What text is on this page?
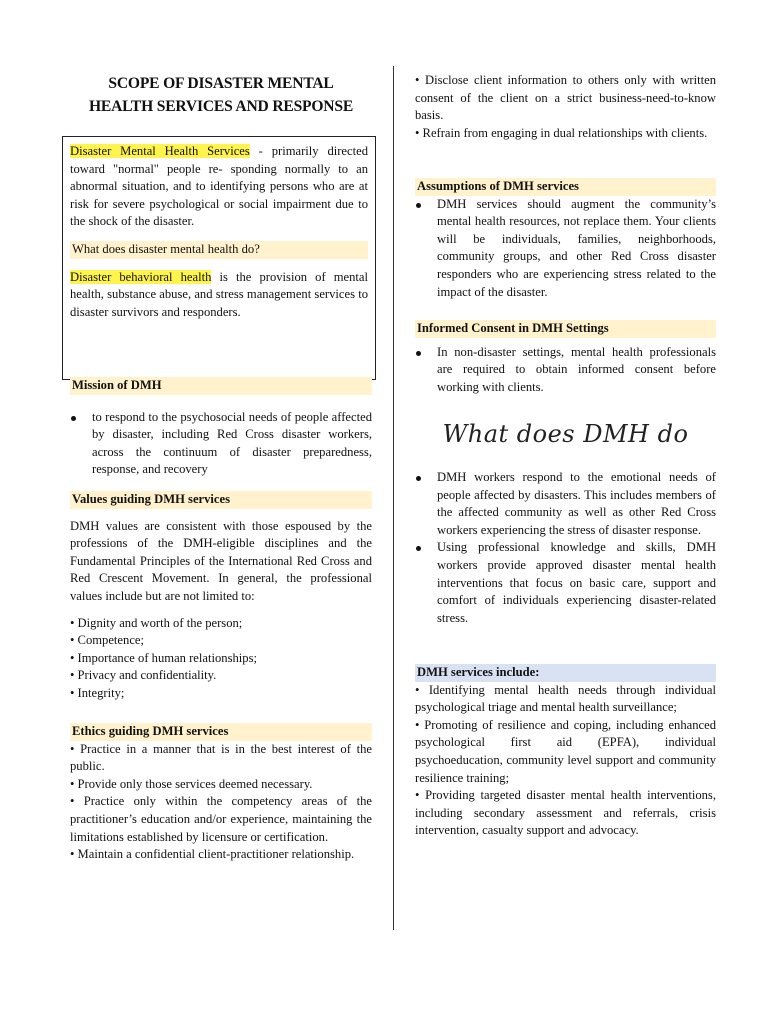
SCOPE OF DISASTER MENTAL
HEALTH SERVICES AND RESPONSE
Disaster Mental Health Services - primarily directed toward "normal" people re- sponding normally to an abnormal situation, and to identifying persons who are at risk for severe psychological or social impairment due to the shock of the disaster.
What does disaster mental health do?
Disaster behavioral health is the provision of mental health, substance abuse, and stress management services to disaster survivors and responders.
Mission of DMH
to respond to the psychosocial needs of people affected by disaster, including Red Cross disaster workers, across the continuum of disaster preparedness, response, and recovery
Values guiding DMH services
DMH values are consistent with those espoused by the professions of the DMH-eligible disciplines and the Fundamental Principles of the International Red Cross and Red Crescent Movement. In general, the professional values include but are not limited to:
• Dignity and worth of the person;
• Competence;
• Importance of human relationships;
• Privacy and confidentiality.
• Integrity;
Ethics guiding DMH services
• Practice in a manner that is in the best interest of the public.
• Provide only those services deemed necessary.
• Practice only within the competency areas of the practitioner’s education and/or experience, maintaining the limitations established by licensure or certification.
• Maintain a confidential client-practitioner relationship.
• Disclose client information to others only with written consent of the client on a strict business-need-to-know basis.
• Refrain from engaging in dual relationships with clients.
Assumptions of DMH services
DMH services should augment the community’s mental health resources, not replace them. Your clients will be individuals, families, neighborhoods, community groups, and other Red Cross disaster responders who are experiencing stress related to the impact of the disaster.
Informed Consent in DMH Settings
In non-disaster settings, mental health professionals are required to obtain informed consent before working with clients.
What does DMH do
DMH workers respond to the emotional needs of people affected by disasters. This includes members of the affected community as well as other Red Cross workers experiencing the stress of disaster response.
Using professional knowledge and skills, DMH workers provide approved disaster mental health interventions that focus on basic care, support and comfort of individuals experiencing disaster-related stress.
DMH services include:
• Identifying mental health needs through individual psychological triage and mental health surveillance;
• Promoting of resilience and coping, including enhanced psychological first aid (EPFA), individual psychoeducation, community level support and community resilience training;
• Providing targeted disaster mental health interventions, including secondary assessment and referrals, crisis intervention, casualty support and advocacy.
